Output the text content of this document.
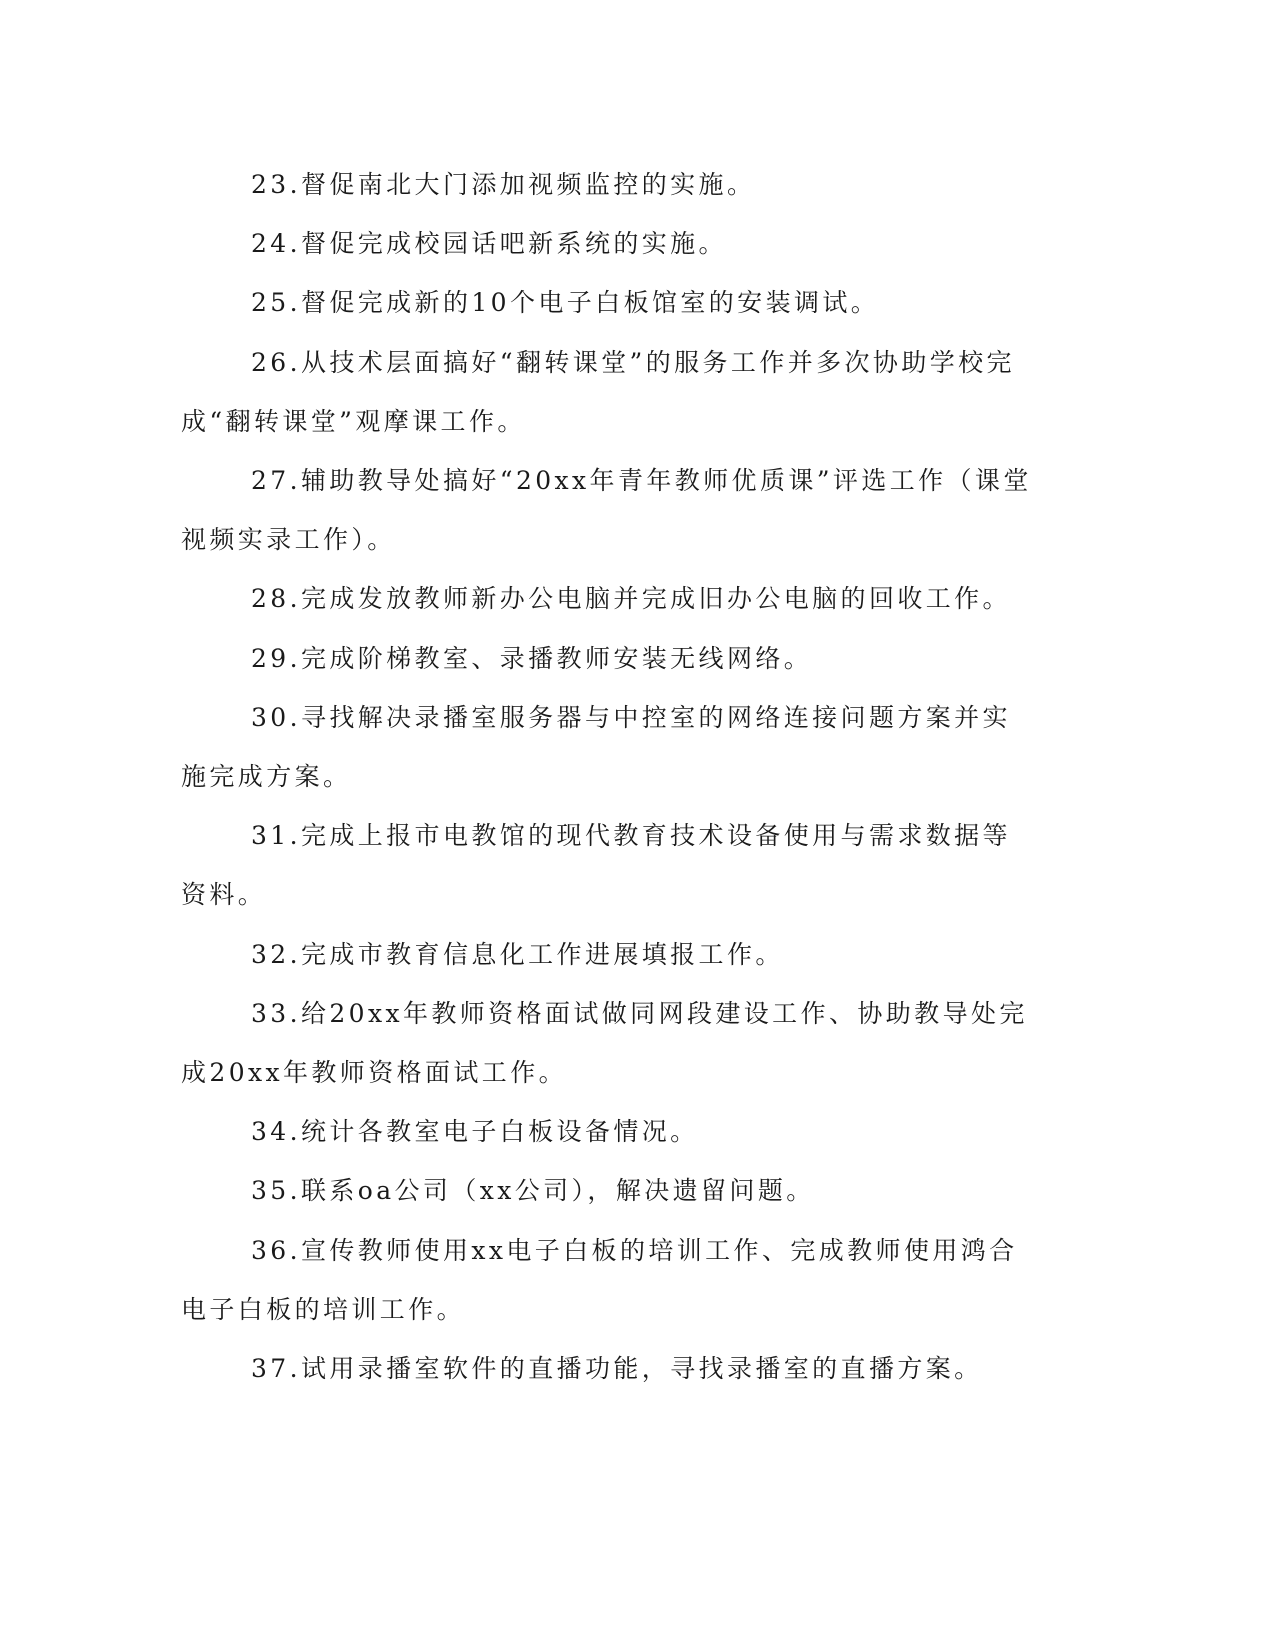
23.督促南北大门添加视频监控的实施。

24.督促完成校园话吧新系统的实施。

25.督促完成新的10个电子白板馆室的安装调试。

26.从技术层面搞好“翻转课堂”的服务工作并多次协助学校完成“翻转课堂”观摩课工作。

27.辅助教导处搞好“20xx年青年教师优质课”评选工作（课堂视频实录工作）。

28.完成发放教师新办公电脑并完成旧办公电脑的回收工作。

29.完成阶梯教室、录播教师安装无线网络。

30.寻找解决录播室服务器与中控室的网络连接问题方案并实施完成方案。

31.完成上报市电教馆的现代教育技术设备使用与需求数据等资料。

32.完成市教育信息化工作进展填报工作。

33.给20xx年教师资格面试做同网段建设工作、协助教导处完成20xx年教师资格面试工作。

34.统计各教室电子白板设备情况。

35.联系oa公司（xx公司），解决遗留问题。

36.宣传教师使用xx电子白板的培训工作、完成教师使用鸿合电子白板的培训工作。

37.试用录播室软件的直播功能，寻找录播室的直播方案。
